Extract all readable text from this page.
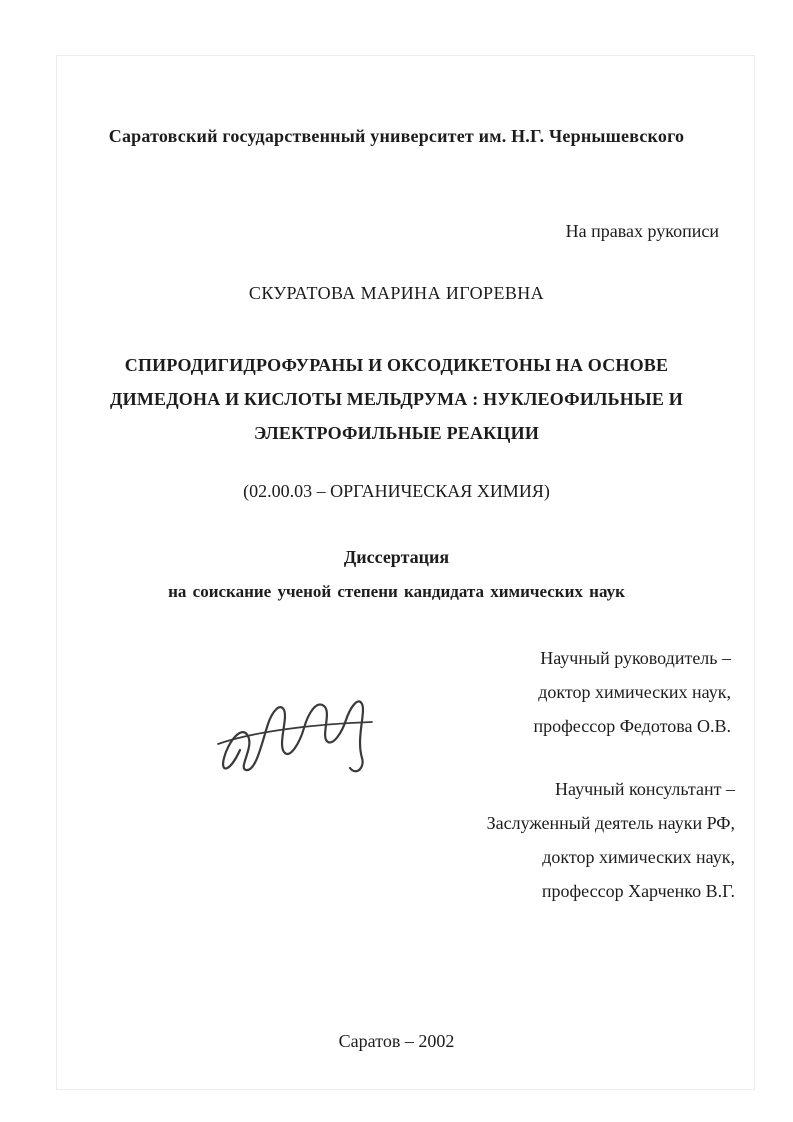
Саратовский государственный университет им. Н.Г. Чернышевского
На правах рукописи
СКУРАТОВА МАРИНА ИГОРЕВНА
СПИРОДИГИДРОФУРАНЫ И ОКСОДИКЕТОНЫ НА ОСНОВЕ
ДИМЕДОНА И КИСЛОТЫ МЕЛЬДРУМА : НУКЛЕОФИЛЬНЫЕ И
ЭЛЕКТРОФИЛЬНЫЕ РЕАКЦИИ
(02.00.03 – ОРГАНИЧЕСКАЯ ХИМИЯ)
Диссертация
на соискание ученой степени кандидата химических наук
Научный руководитель –
доктор химических наук,
профессор Федотова О.В.
Научный консультант –
Заслуженный деятель науки РФ,
доктор химических наук,
профессор Харченко В.Г.
Саратов – 2002
